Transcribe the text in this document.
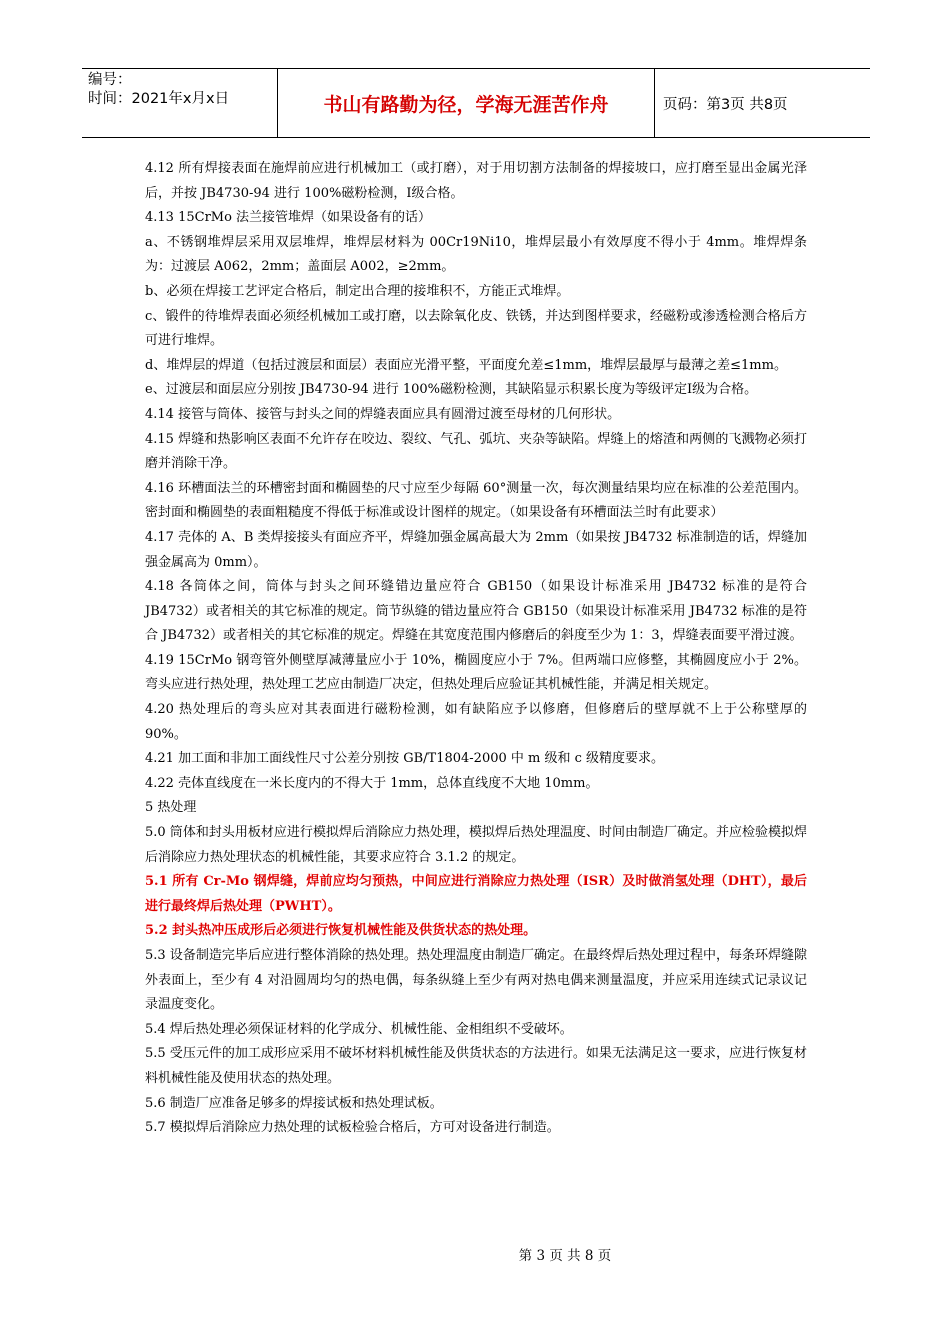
编号：
时间：2021年x月x日	书山有路勤为径，学海无涯苦作舟	页码：第3页 共8页

4.12 所有焊接表面在施焊前应进行机械加工（或打磨），对于用切割方法制备的焊接坡口，应打磨至显出金属光泽后，并按 JB4730-94 进行 100%磁粉检测，Ⅰ级合格。

4.13 15CrMo 法兰接管堆焊（如果设备有的话）

a、不锈钢堆焊层采用双层堆焊，堆焊层材料为 00Cr19Ni10，堆焊层最小有效厚度不得小于 4mm。堆焊焊条为：过渡层 A062，2mm；盖面层 A002，≥2mm。

b、必须在焊接工艺评定合格后，制定出合理的接堆积不，方能正式堆焊。

c、锻件的待堆焊表面必须经机械加工或打磨，以去除氧化皮、铁锈，并达到图样要求，经磁粉或渗透检测合格后方可进行堆焊。

d、堆焊层的焊道（包括过渡层和面层）表面应光滑平整，平面度允差≤1mm，堆焊层最厚与最薄之差≤1mm。

e、过渡层和面层应分别按 JB4730-94 进行 100%磁粉检测，其缺陷显示积累长度为等级评定Ⅰ级为合格。

4.14 接管与筒体、接管与封头之间的焊缝表面应具有圆滑过渡至母材的几何形状。

4.15 焊缝和热影响区表面不允许存在咬边、裂纹、气孔、弧坑、夹杂等缺陷。焊缝上的熔渣和两侧的飞溅物必须打磨并消除干净。

4.16 环槽面法兰的环槽密封面和椭圆垫的尺寸应至少每隔 60°测量一次，每次测量结果均应在标准的公差范围内。密封面和椭圆垫的表面粗糙度不得低于标准或设计图样的规定。（如果设备有环槽面法兰时有此要求）

4.17 壳体的 A、B 类焊接接头有面应齐平，焊缝加强金属高最大为 2mm（如果按 JB4732 标准制造的话，焊缝加强金属高为 0mm）。

4.18 各筒体之间，筒体与封头之间环缝错边量应符合 GB150（如果设计标准采用 JB4732 标准的是符合 JB4732）或者相关的其它标准的规定。筒节纵缝的错边量应符合 GB150（如果设计标准采用 JB4732 标准的是符合 JB4732）或者相关的其它标准的规定。焊缝在其宽度范围内修磨后的斜度至少为 1：3，焊缝表面要平滑过渡。

4.19 15CrMo 钢弯管外侧壁厚减薄量应小于 10%，椭圆度应小于 7%。但两端口应修整，其椭圆度应小于 2%。弯头应进行热处理，热处理工艺应由制造厂决定，但热处理后应验证其机械性能，并满足相关规定。

4.20 热处理后的弯头应对其表面进行磁粉检测，如有缺陷应予以修磨，但修磨后的壁厚就不上于公称壁厚的 90%。

4.21 加工面和非加工面线性尺寸公差分别按 GB/T1804-2000 中 m 级和 c 级精度要求。

4.22 壳体直线度在一米长度内的不得大于 1mm，总体直线度不大地 10mm。

5 热处理

5.0 筒体和封头用板材应进行模拟焊后消除应力热处理，模拟焊后热处理温度、时间由制造厂确定。并应检验模拟焊后消除应力热处理状态的机械性能，其要求应符合 3.1.2 的规定。

5.1 所有 Cr-Mo 钢焊缝，焊前应均匀预热，中间应进行消除应力热处理（ISR）及时做消氢处理（DHT），最后进行最终焊后热处理（PWHT）。

5.2 封头热冲压成形后必须进行恢复机械性能及供货状态的热处理。

5.3 设备制造完毕后应进行整体消除的热处理。热处理温度由制造厂确定。在最终焊后热处理过程中，每条环焊缝隙外表面上，至少有 4 对沿圆周均匀的热电偶，每条纵缝上至少有两对热电偶来测量温度，并应采用连续式记录议记录温度变化。

5.4 焊后热处理必须保证材料的化学成分、机械性能、金相组织不受破坏。

5.5 受压元件的加工成形应采用不破坏材料机械性能及供货状态的方法进行。如果无法满足这一要求，应进行恢复材料机械性能及使用状态的热处理。

5.6 制造厂应准备足够多的焊接试板和热处理试板。

5.7 模拟焊后消除应力热处理的试板检验合格后，方可对设备进行制造。

第 3 页 共 8 页
